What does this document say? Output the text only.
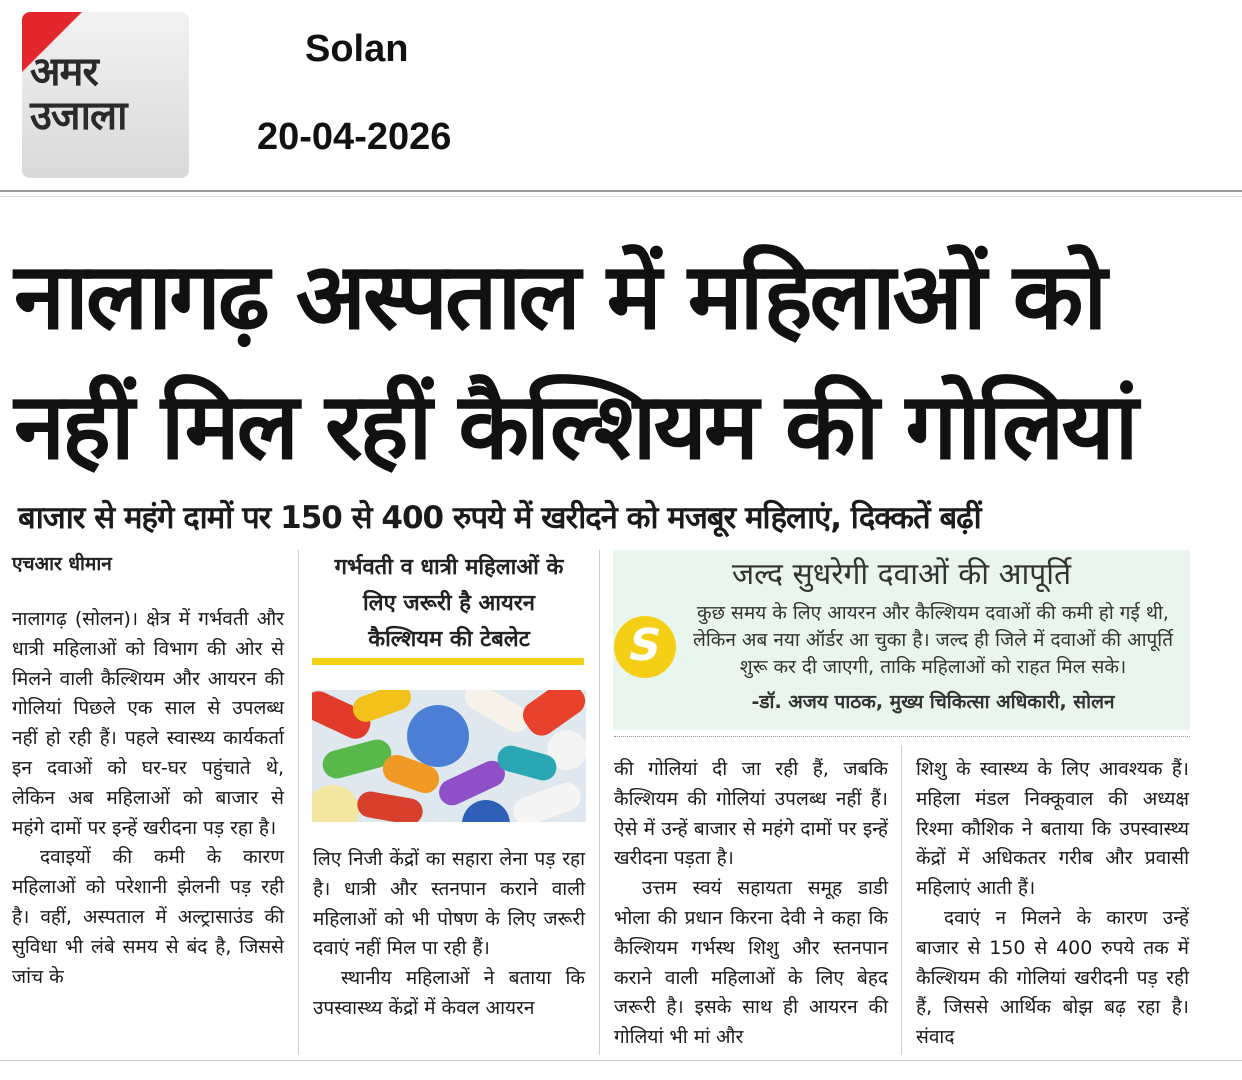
अमर
उजाला
Solan
20-04-2026
नालागढ़ अस्पताल में महिलाओं को
नहीं मिल रहीं कैल्शियम की गोलियां
बाजार से महंगे दामों पर 150 से 400 रुपये में खरीदने को मजबूर महिलाएं, दिक्कतें बढ़ीं
एचआर धीमान

नालागढ़ (सोलन)। क्षेत्र में गर्भवती और धात्री महिलाओं को विभाग की ओर से मिलने वाली कैल्शियम और आयरन की गोलियां पिछले एक साल से उपलब्ध नहीं हो रही हैं। पहले स्वास्थ्य कार्यकर्ता इन दवाओं को घर-घर पहुंचाते थे, लेकिन अब महिलाओं को बाजार से महंगे दामों पर इन्हें खरीदना पड़ रहा है।

दवाइयों की कमी के कारण महिलाओं को परेशानी झेलनी पड़ रही है। वहीं, अस्पताल में अल्ट्रासाउंड की सुविधा भी लंबे समय से बंद है, जिससे जांच के

गर्भवती व धात्री महिलाओं के
लिए जरूरी है आयरन
कैल्शियम की टेबलेट

लिए निजी केंद्रों का सहारा लेना पड़ रहा है। धात्री और स्तनपान कराने वाली महिलाओं को भी पोषण के लिए जरूरी दवाएं नहीं मिल पा रही हैं।

स्थानीय महिलाओं ने बताया कि उपस्वास्थ्य केंद्रों में केवल आयरन

जल्द सुधरेगी दवाओं की आपूर्ति
S
कुछ समय के लिए आयरन और कैल्शियम दवाओं की कमी हो गई थी, लेकिन अब नया ऑर्डर आ चुका है। जल्द ही जिले में दवाओं की आपूर्ति शुरू कर दी जाएगी, ताकि महिलाओं को राहत मिल सके।
-डॉ. अजय पाठक, मुख्य चिकित्सा अधिकारी, सोलन

की गोलियां दी जा रही हैं, जबकि कैल्शियम की गोलियां उपलब्ध नहीं हैं। ऐसे में उन्हें बाजार से महंगे दामों पर इन्हें खरीदना पड़ता है।

उत्तम स्वयं सहायता समूह डाडी भोला की प्रधान किरना देवी ने कहा कि कैल्शियम गर्भस्थ शिशु और स्तनपान कराने वाली महिलाओं के लिए बेहद जरूरी है। इसके साथ ही आयरन की गोलियां भी मां और

शिशु के स्वास्थ्य के लिए आवश्यक हैं। महिला मंडल निक्कूवाल की अध्यक्ष रिश्मा कौशिक ने बताया कि उपस्वास्थ्य केंद्रों में अधिकतर गरीब और प्रवासी महिलाएं आती हैं।

दवाएं न मिलने के कारण उन्हें बाजार से 150 से 400 रुपये तक में कैल्शियम की गोलियां खरीदनी पड़ रही हैं, जिससे आर्थिक बोझ बढ़ रहा है। संवाद
